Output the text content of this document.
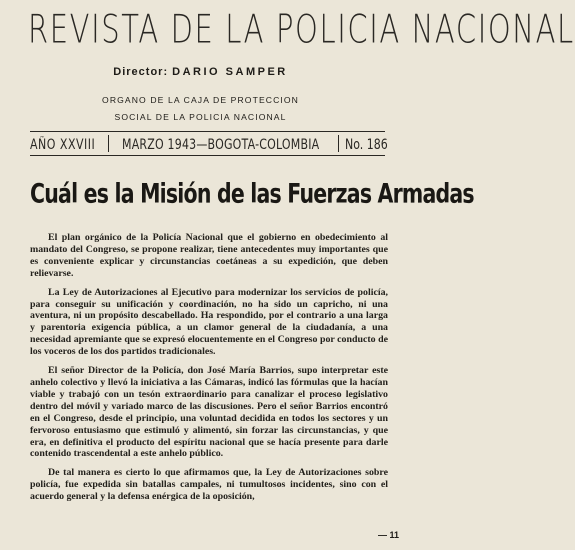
REVISTA DE LA POLICIA NACIONAL
Director: DARIO SAMPER
ORGANO DE LA CAJA DE PROTECCION
SOCIAL DE LA POLICIA NACIONAL
AÑO XXVIII MARZO 1943—BOGOTA-COLOMBIA No. 186
Cuál es la Misión de las Fuerzas Armadas

El plan orgánico de la Policía Nacional que el gobierno en obedecimiento al mandato del Congreso, se propone realizar, tiene antecedentes muy importantes que es conveniente explicar y circunstancias coetáneas a su expedición, que deben relievarse.

La Ley de Autorizaciones al Ejecutivo para modernizar los servicios de policía, para conseguir su unificación y coordinación, no ha sido un capricho, ni una aventura, ni un propósito descabellado. Ha respondido, por el contrario a una larga y parentoria exigencia pública, a un clamor general de la ciudadanía, a una necesidad apremiante que se expresó elocuentemente en el Congreso por conducto de los voceros de los dos partidos tradicionales.

El señor Director de la Policía, don José María Barrios, supo interpretar este anhelo colectivo y llevó la iniciativa a las Cámaras, indicó las fórmulas que la hacían viable y trabajó con un tesón extraordinario para canalizar el proceso legislativo dentro del móvil y variado marco de las discusiones. Pero el señor Barrios encontró en el Congreso, desde el principio, una voluntad decidida en todos los sectores y un fervoroso entusiasmo que estimuló y alimentó, sin forzar las circunstancias, y que era, en definitiva el producto del espíritu nacional que se hacía presente para darle contenido trascendental a este anhelo público.

De tal manera es cierto lo que afirmamos que, la Ley de Autorizaciones sobre policía, fue expedida sin batallas campales, ni tumultosos incidentes, sino con el acuerdo general y la defensa enérgica de la oposición,

— 11
